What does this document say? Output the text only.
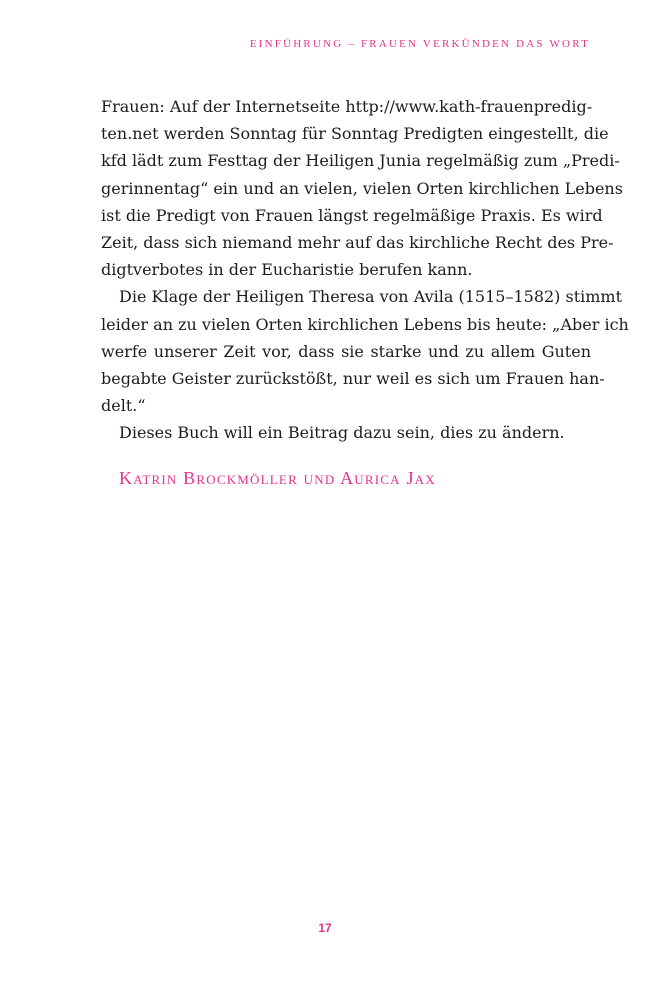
EINFÜHRUNG – FRAUEN VERKÜNDEN DAS WORT
Frauen: Auf der Internetseite http://www.kath-frauenpredig-
ten.net werden Sonntag für Sonntag Predigten eingestellt, die
kfd lädt zum Festtag der Heiligen Junia regelmäßig zum „Predi-
gerinnentag“ ein und an vielen, vielen Orten kirchlichen Lebens
ist die Predigt von Frauen längst regelmäßige Praxis. Es wird
Zeit, dass sich niemand mehr auf das kirchliche Recht des Pre-
digtverbotes in der Eucharistie berufen kann.
Die Klage der Heiligen Theresa von Avila (1515–1582) stimmt
leider an zu vielen Orten kirchlichen Lebens bis heute: „Aber ich
werfe unserer Zeit vor, dass sie starke und zu allem Guten
begabte Geister zurückstößt, nur weil es sich um Frauen han-
delt.“
Dieses Buch will ein Beitrag dazu sein, dies zu ändern.
Katrin Brockmöller und Aurica Jax
17
